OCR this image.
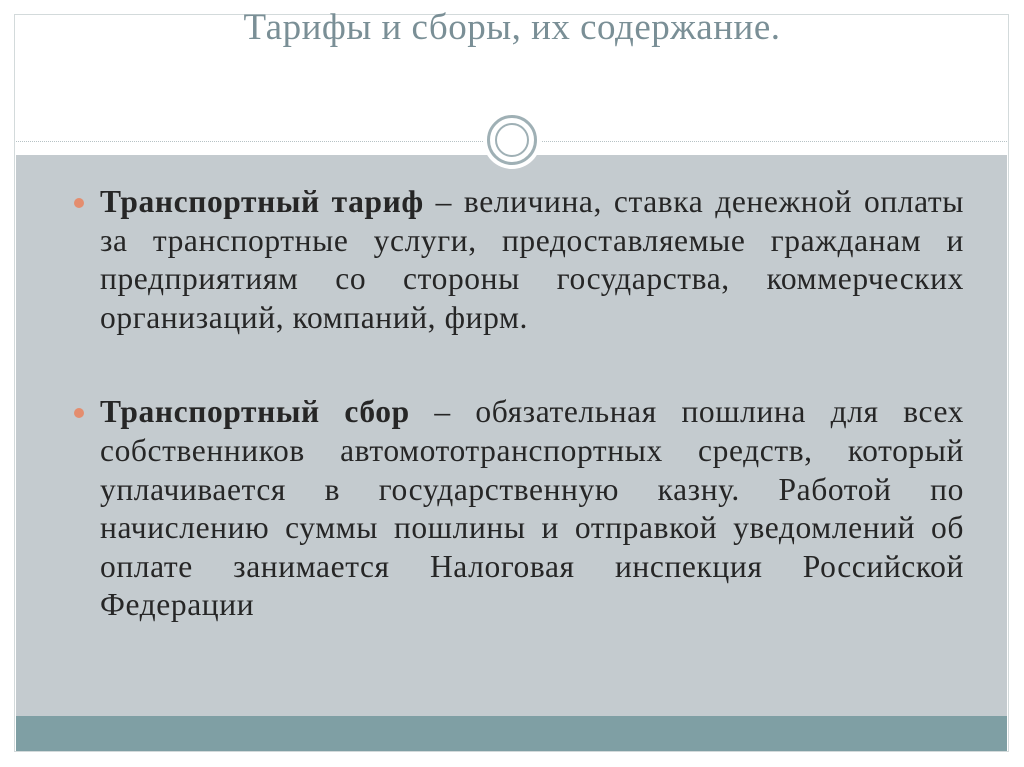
Тарифы и сборы, их содержание.
Транспортный тариф – величина, ставка денежной оплаты за транспортные услуги, предоставляемые гражданам и предприятиям со стороны государства, коммерческих организаций, компаний, фирм.
Транспортный сбор – обязательная пошлина для всех собственников автомототранспортных средств, который уплачивается в государственную казну. Работой по начислению суммы пошлины и отправкой уведомлений об оплате занимается Налоговая инспекция Российской Федерации
